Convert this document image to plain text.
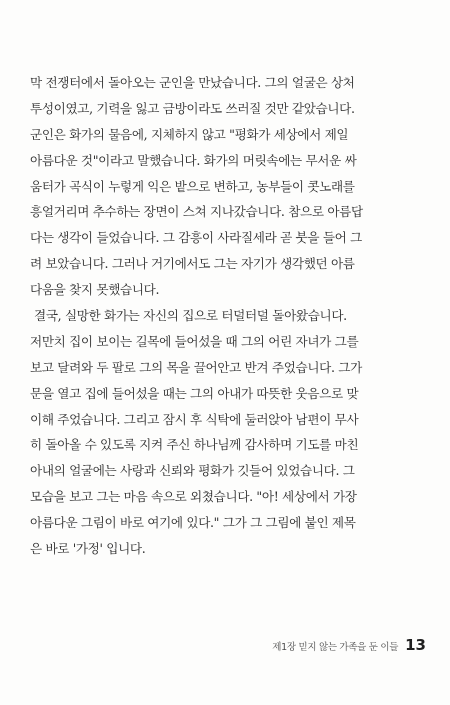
막 전쟁터에서 돌아오는 군인을 만났습니다. 그의 얼굴은 상처
투성이였고, 기력을 잃고 금방이라도 쓰러질 것만 같았습니다.
군인은 화가의 물음에, 지체하지 않고 "평화가 세상에서 제일
아름다운 것"이라고 말했습니다. 화가의 머릿속에는 무서운 싸
움터가 곡식이 누렇게 익은 밭으로 변하고, 농부들이 콧노래를
흥얼거리며 추수하는 장면이 스쳐 지나갔습니다. 참으로 아름답
다는 생각이 들었습니다. 그 감흥이 사라질세라 곧 붓을 들어 그
려 보았습니다. 그러나 거기에서도 그는 자기가 생각했던 아름
다움을 찾지 못했습니다.
결국, 실망한 화가는 자신의 집으로 터덜터덜 돌아왔습니다.
저만치 집이 보이는 길목에 들어섰을 때 그의 어린 자녀가 그를
보고 달려와 두 팔로 그의 목을 끌어안고 반겨 주었습니다. 그가
문을 열고 집에 들어섰을 때는 그의 아내가 따뜻한 웃음으로 맞
이해 주었습니다. 그리고 잠시 후 식탁에 둘러앉아 남편이 무사
히 돌아올 수 있도록 지켜 주신 하나님께 감사하며 기도를 마친
아내의 얼굴에는 사랑과 신뢰와 평화가 깃들어 있었습니다. 그
모습을 보고 그는 마음 속으로 외쳤습니다. "아! 세상에서 가장
아름다운 그림이 바로 여기에 있다." 그가 그 그림에 붙인 제목
은 바로 '가정' 입니다.
제1장 믿지 않는 가족을 둔 이들 13
